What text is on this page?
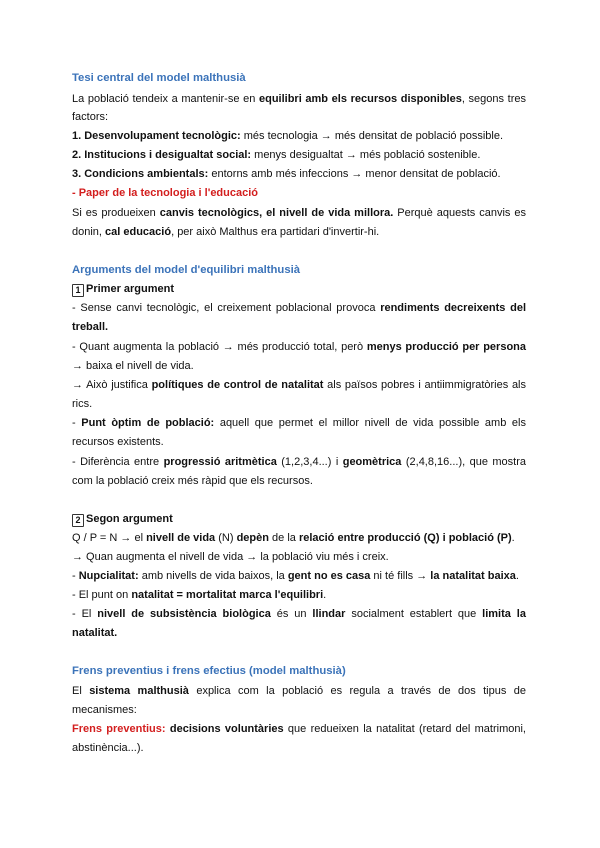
Tesi central del model malthusià
La població tendeix a mantenir-se en equilibri amb els recursos disponibles, segons tres
factors:
1. Desenvolupament tecnològic: més tecnologia → més densitat de població possible.
2. Institucions i desigualtat social: menys desigualtat → més població sostenible.
3. Condicions ambientals: entorns amb més infeccions → menor densitat de població.
- Paper de la tecnologia i l'educació
Si es produeixen canvis tecnològics, el nivell de vida millora. Perquè aquests canvis es
donin, cal educació, per això Malthus era partidari d'invertir-hi.
Arguments del model d'equilibri malthusià
1 Primer argument
- Sense canvi tecnològic, el creixement poblacional provoca rendiments decreixents del
treball.
- Quant augmenta la població → més producció total, però menys producció per persona
→ baixa el nivell de vida.
→ Això justifica polítiques de control de natalitat als països pobres i antiimmigratòries als
rics.
- Punt òptim de població: aquell que permet el millor nivell de vida possible amb els
recursos existents.
- Diferència entre progressió aritmètica (1,2,3,4...) i geomètrica (2,4,8,16...), que mostra
com la població creix més ràpid que els recursos.
2 Segon argument
Q / P = N → el nivell de vida (N) depèn de la relació entre producció (Q) i població (P).
→ Quan augmenta el nivell de vida → la població viu més i creix.
- Nupcialitat: amb nivells de vida baixos, la gent no es casa ni té fills → la natalitat baixa.
- El punt on natalitat = mortalitat marca l'equilibri.
- El nivell de subsistència biològica és un llindar socialment establert que limita la
natalitat.
Frens preventius i frens efectius (model malthusià)
El sistema malthusià explica com la població es regula a través de dos tipus de
mecanismes:
Frens preventius: decisions voluntàries que redueixen la natalitat (retard del matrimoni,
abstinència...).
